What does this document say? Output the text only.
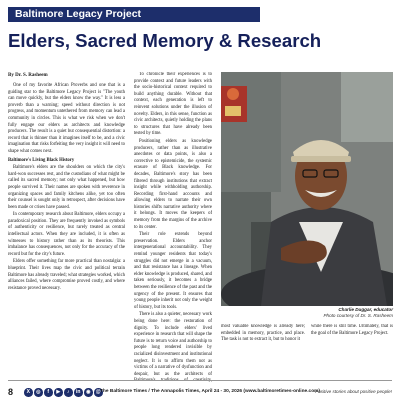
Baltimore Legacy Project
Elders, Sacred Memory & Research
By Dr. S. Rasheem

One of my favorite African Proverbs and one that is a guiding star to the Baltimore Legacy Project is "The youth can move quickly, but the elders know the way." It is less a proverb than a warning; speed without direction is not progress, and momentum untethered from memory can lead a community in circles. This is what we risk when we don't fully engage our elders as architects and knowledge producers. The result is a quiet but consequential distortion: a record that is thinner than it imagines itself to be, and a civic imagination that risks forfeiting the very insight it will need to shape what comes next.

Baltimore's Living Black History

Baltimore's elders are the shoulders on which the city's hard-won successes rest, and the custodians of what might be called its sacred memory; not only what happened, but how people survived it. Their names are spoken with reverence in organizing spaces and family kitchens alike, yet too often their counsel is sought only in retrospect, after decisions have been made or crises have passed.

In contemporary research about Baltimore, elders occupy a paradoxical position. They are frequently invoked as symbols of authenticity or resilience, but rarely treated as central intellectual actors. When they are included, it is often as witnesses to history rather than as its theorists. This imbalance has consequences, not only for the accuracy of the record but for the city's future.

Elders offer something far more practical than nostalgia: a blueprint. Their lives map the civic and political terrain Baltimore has already traveled; what strategies worked, which alliances failed, where compromise proved costly, and where resistance proved necessary.

To chronicle their experiences is to provide context and future leaders with the socio-historical context required to build anything durable. Without that context, each generation is left to reinvent solutions under the illusion of novelty. Elders, in this sense, function as civic architects, quietly holding the plans to structures that have already been tested by time.

Positioning elders as knowledge producers, rather than as illustrative anecdotes or data points, is also a corrective to epistemicide, the systemic erasure of Black knowledge. For decades, Baltimore's story has been filtered through institutions that extract insight while withholding authorship. Recording first-hand accounts and allowing elders to narrate their own histories shifts narrative authority where it belongs. It moves the keepers of memory from the margins of the archive to its center.

Their role extends beyond preservation. Elders anchor intergenerational accountability. They remind younger residents that today's struggles did not emerge in a vacuum, and that resistance has a lineage. When elder knowledge is produced, shared, and taken seriously, it becomes a bridge between the resilience of the past and the urgency of the present. It ensures that young people inherit not only the weight of history, but its tools.

There is also a quieter, necessary work being done here: the restoration of dignity. To include elders' lived experience in research that will shape the future is to return voice and authorship to people long rendered invisible by racialized disinvestment and institutional neglect. It is to affirm them not as victims of a narrative of dysfunction and despair, but as the architects of

Charlie Duggar, educator
Photo courtesy of Dr. S. Rasheem

most valuable knowledge is already here; embedded in memory, practice, and place. The task is not to extract it, but to honor it

while there is still time. Ultimately, that is the goal of the Baltimore Legacy Project.

8	X	◎	f	▶	♪	in	◉	@ The Baltimore Times / The Annapolis Times, April 24 - 30, 2026 (www.baltimoretimes-online.com)
Positive stories about positive people!
